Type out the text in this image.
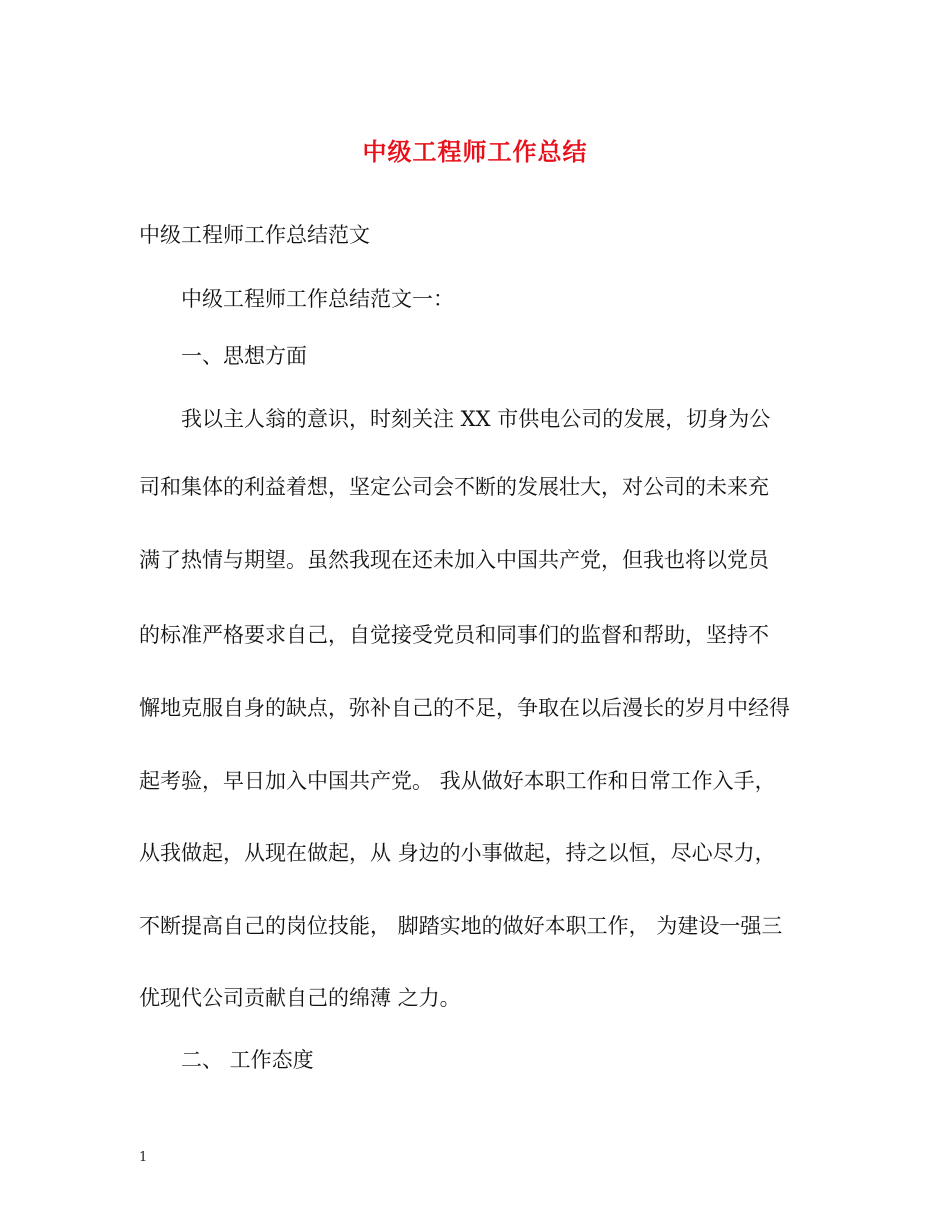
中级工程师工作总结
中级工程师工作总结范文
中级工程师工作总结范文一：
一、思想方面
我以主人翁的意识，时刻关注 XX 市供电公司的发展，切身为公
司和集体的利益着想，坚定公司会不断的发展壮大，对公司的未来充
满了热情与期望。虽然我现在还未加入中国共产党，但我也将以党员
的标准严格要求自己，自觉接受党员和同事们的监督和帮助，坚持不
懈地克服自身的缺点，弥补自己的不足，争取在以后漫长的岁月中经得
起考验，早日加入中国共产党。 我从做好本职工作和日常工作入手，
从我做起，从现在做起，从 身边的小事做起，持之以恒，尽心尽力，
不断提高自己的岗位技能， 脚踏实地的做好本职工作， 为建设一强三
优现代公司贡献自己的绵薄 之力。
二、 工作态度
1
